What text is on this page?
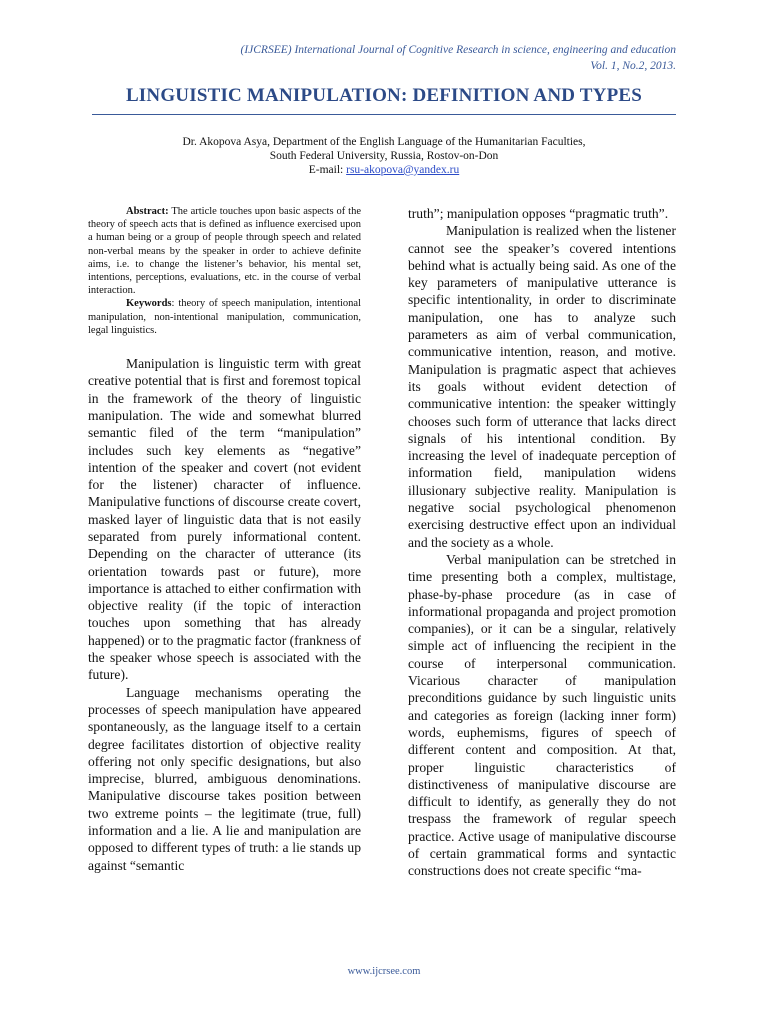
(IJCRSEE) International Journal of Cognitive Research in science, engineering and education
Vol. 1, No.2, 2013.
LINGUISTIC MANIPULATION: DEFINITION AND TYPES
Dr. Akopova Asya, Department of the English Language of the Humanitarian Faculties,
South Federal University, Russia, Rostov-on-Don
E-mail: rsu-akopova@yandex.ru

Abstract: The article touches upon basic aspects of the theory of speech acts that is defined as influence exercised upon a human being or a group of people through speech and related non-verbal means by the speaker in order to achieve definite aims, i.e. to change the listener’s behavior, his mental set, intentions, perceptions, evaluations, etc. in the course of verbal interaction.

Keywords: theory of speech manipulation, intentional manipulation, non-intentional manipulation, communication, legal linguistics.

Manipulation is linguistic term with great creative potential that is first and foremost topical in the framework of the theory of linguistic manipulation. The wide and somewhat blurred semantic filed of the term “manipulation” includes such key elements as “negative” intention of the speaker and covert (not evident for the listener) character of influence. Manipulative functions of discourse create covert, masked layer of linguistic data that is not easily separated from purely informational content. Depending on the character of utterance (its orientation towards past or future), more importance is attached to either confirmation with objective reality (if the topic of interaction touches upon something that has already happened) or to the pragmatic factor (frankness of the speaker whose speech is associated with the future).

Language mechanisms operating the processes of speech manipulation have appeared spontaneously, as the language itself to a certain degree facilitates distortion of objective reality offering not only specific designations, but also imprecise, blurred, ambiguous denominations. Manipulative discourse takes position between two extreme points – the legitimate (true, full) information and a lie. A lie and manipulation are opposed to different types of truth: a lie stands up against “semantic

truth”; manipulation opposes “pragmatic truth”.

Manipulation is realized when the listener cannot see the speaker’s covered intentions behind what is actually being said. As one of the key parameters of manipulative utterance is specific intentionality, in order to discriminate manipulation, one has to analyze such parameters as aim of verbal communication, communicative intention, reason, and motive. Manipulation is pragmatic aspect that achieves its goals without evident detection of communicative intention: the speaker wittingly chooses such form of utterance that lacks direct signals of his intentional condition. By increasing the level of inadequate perception of information field, manipulation widens illusionary subjective reality. Manipulation is negative social psychological phenomenon exercising destructive effect upon an individual and the society as a whole.

Verbal manipulation can be stretched in time presenting both a complex, multistage, phase-by-phase procedure (as in case of informational propaganda and project promotion companies), or it can be a singular, relatively simple act of influencing the recipient in the course of interpersonal communication. Vicarious character of manipulation preconditions guidance by such linguistic units and categories as foreign (lacking inner form) words, euphemisms, figures of speech of different content and composition. At that, proper linguistic characteristics of distinctiveness of manipulative discourse are difficult to identify, as generally they do not trespass the framework of regular speech practice. Active usage of manipulative discourse of certain grammatical forms and syntactic constructions does not create specific “ma-

www.ijcrsee.com
